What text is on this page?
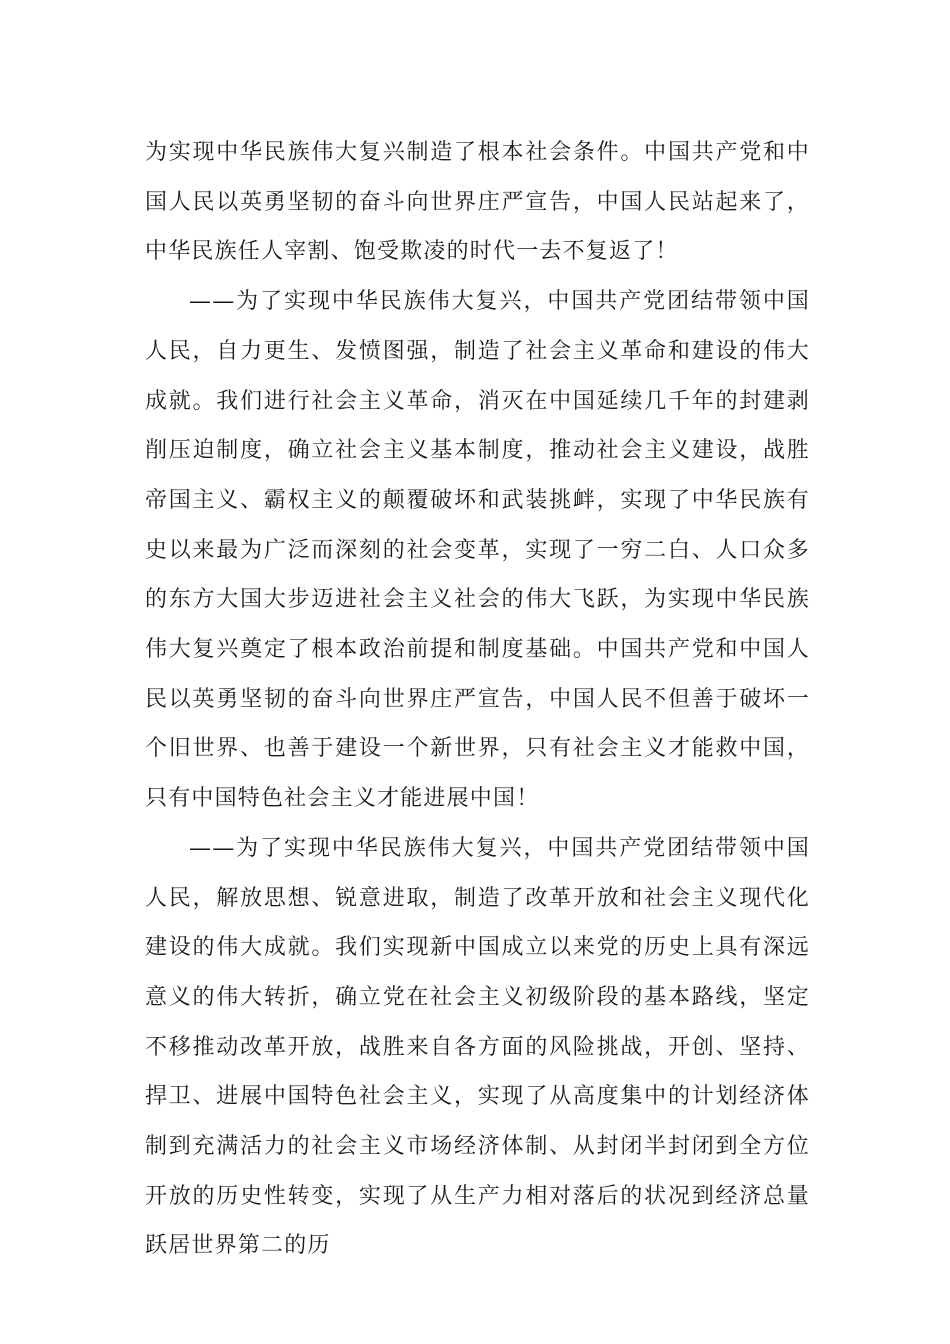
为实现中华民族伟大复兴制造了根本社会条件。中国共产党和中国人民以英勇坚韧的奋斗向世界庄严宣告，中国人民站起来了，中华民族任人宰割、饱受欺凌的时代一去不复返了！

——为了实现中华民族伟大复兴，中国共产党团结带领中国人民，自力更生、发愤图强，制造了社会主义革命和建设的伟大成就。我们进行社会主义革命，消灭在中国延续几千年的封建剥削压迫制度，确立社会主义基本制度，推动社会主义建设，战胜帝国主义、霸权主义的颠覆破坏和武装挑衅，实现了中华民族有史以来最为广泛而深刻的社会变革，实现了一穷二白、人口众多的东方大国大步迈进社会主义社会的伟大飞跃，为实现中华民族伟大复兴奠定了根本政治前提和制度基础。中国共产党和中国人民以英勇坚韧的奋斗向世界庄严宣告，中国人民不但善于破坏一个旧世界、也善于建设一个新世界，只有社会主义才能救中国，只有中国特色社会主义才能进展中国！

——为了实现中华民族伟大复兴，中国共产党团结带领中国人民，解放思想、锐意进取，制造了改革开放和社会主义现代化建设的伟大成就。我们实现新中国成立以来党的历史上具有深远意义的伟大转折，确立党在社会主义初级阶段的基本路线，坚定不移推动改革开放，战胜来自各方面的风险挑战，开创、坚持、捍卫、进展中国特色社会主义，实现了从高度集中的计划经济体制到充满活力的社会主义市场经济体制、从封闭半封闭到全方位开放的历史性转变，实现了从生产力相对落后的状况到经济总量跃居世界第二的历
